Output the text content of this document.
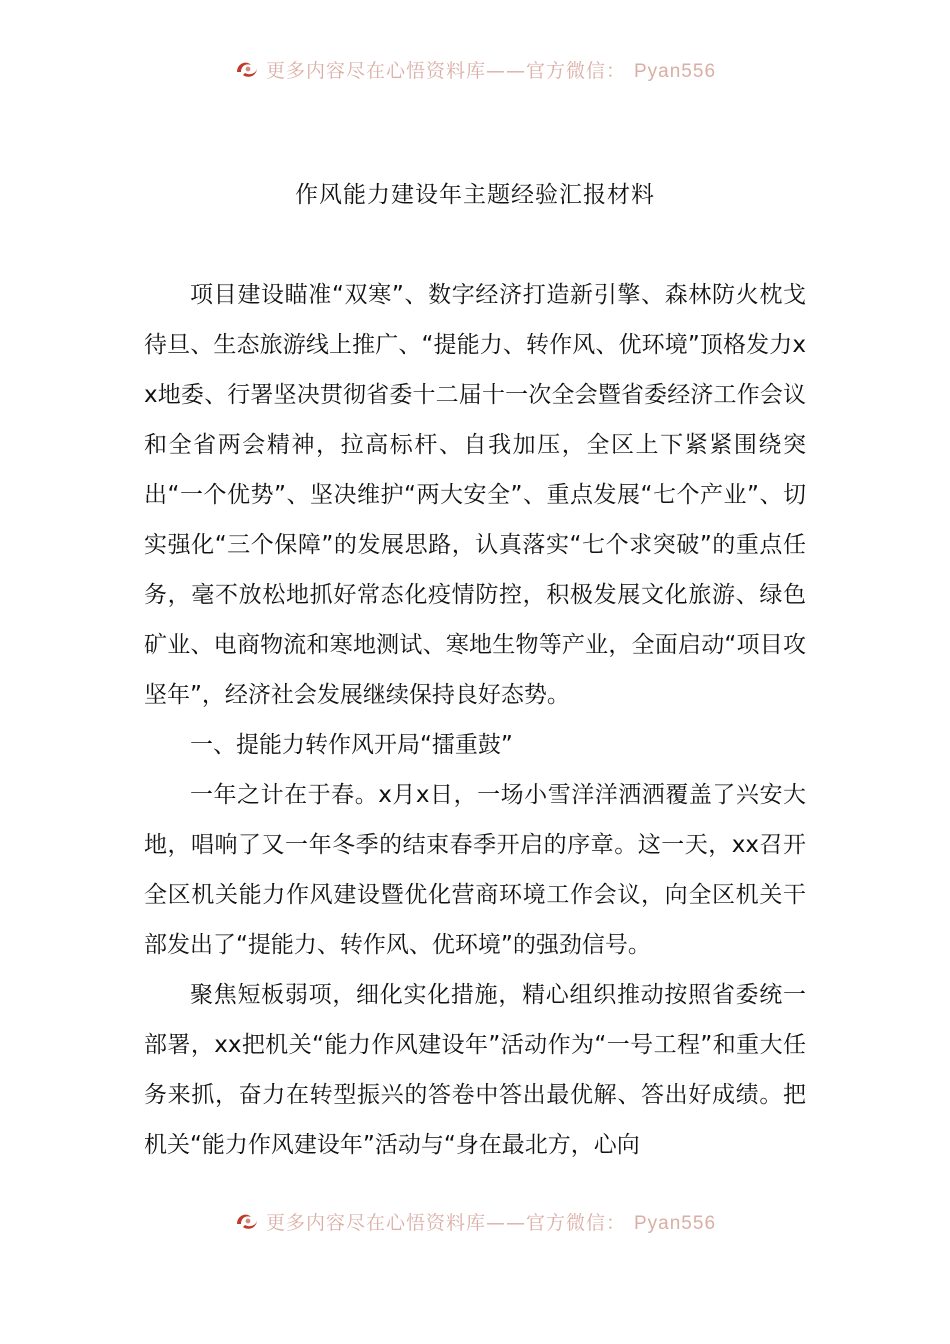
更多内容尽在心悟资料库——官方微信： Pyan556
作风能力建设年主题经验汇报材料

项目建设瞄准“双寒”、数字经济打造新引擎、森林防火枕戈待旦、生态旅游线上推广、“提能力、转作风、优环境”顶格发力xx地委、行署坚决贯彻省委十二届十一次全会暨省委经济工作会议和全省两会精神，拉高标杆、自我加压，全区上下紧紧围绕突出“一个优势”、坚决维护“两大安全”、重点发展“七个产业”、切实强化“三个保障”的发展思路，认真落实“七个求突破”的重点任务，毫不放松地抓好常态化疫情防控，积极发展文化旅游、绿色矿业、电商物流和寒地测试、寒地生物等产业，全面启动“项目攻坚年”，经济社会发展继续保持良好态势。

一、提能力转作风开局“擂重鼓”

一年之计在于春。x月x日，一场小雪洋洋洒洒覆盖了兴安大地，唱响了又一年冬季的结束春季开启的序章。这一天，xx召开全区机关能力作风建设暨优化营商环境工作会议，向全区机关干部发出了“提能力、转作风、优环境”的强劲信号。

聚焦短板弱项，细化实化措施，精心组织推动按照省委统一部署，xx把机关“能力作风建设年”活动作为“一号工程”和重大任务来抓，奋力在转型振兴的答卷中答出最优解、答出好成绩。把机关“能力作风建设年”活动与“身在最北方，心向

更多内容尽在心悟资料库——官方微信： Pyan556
